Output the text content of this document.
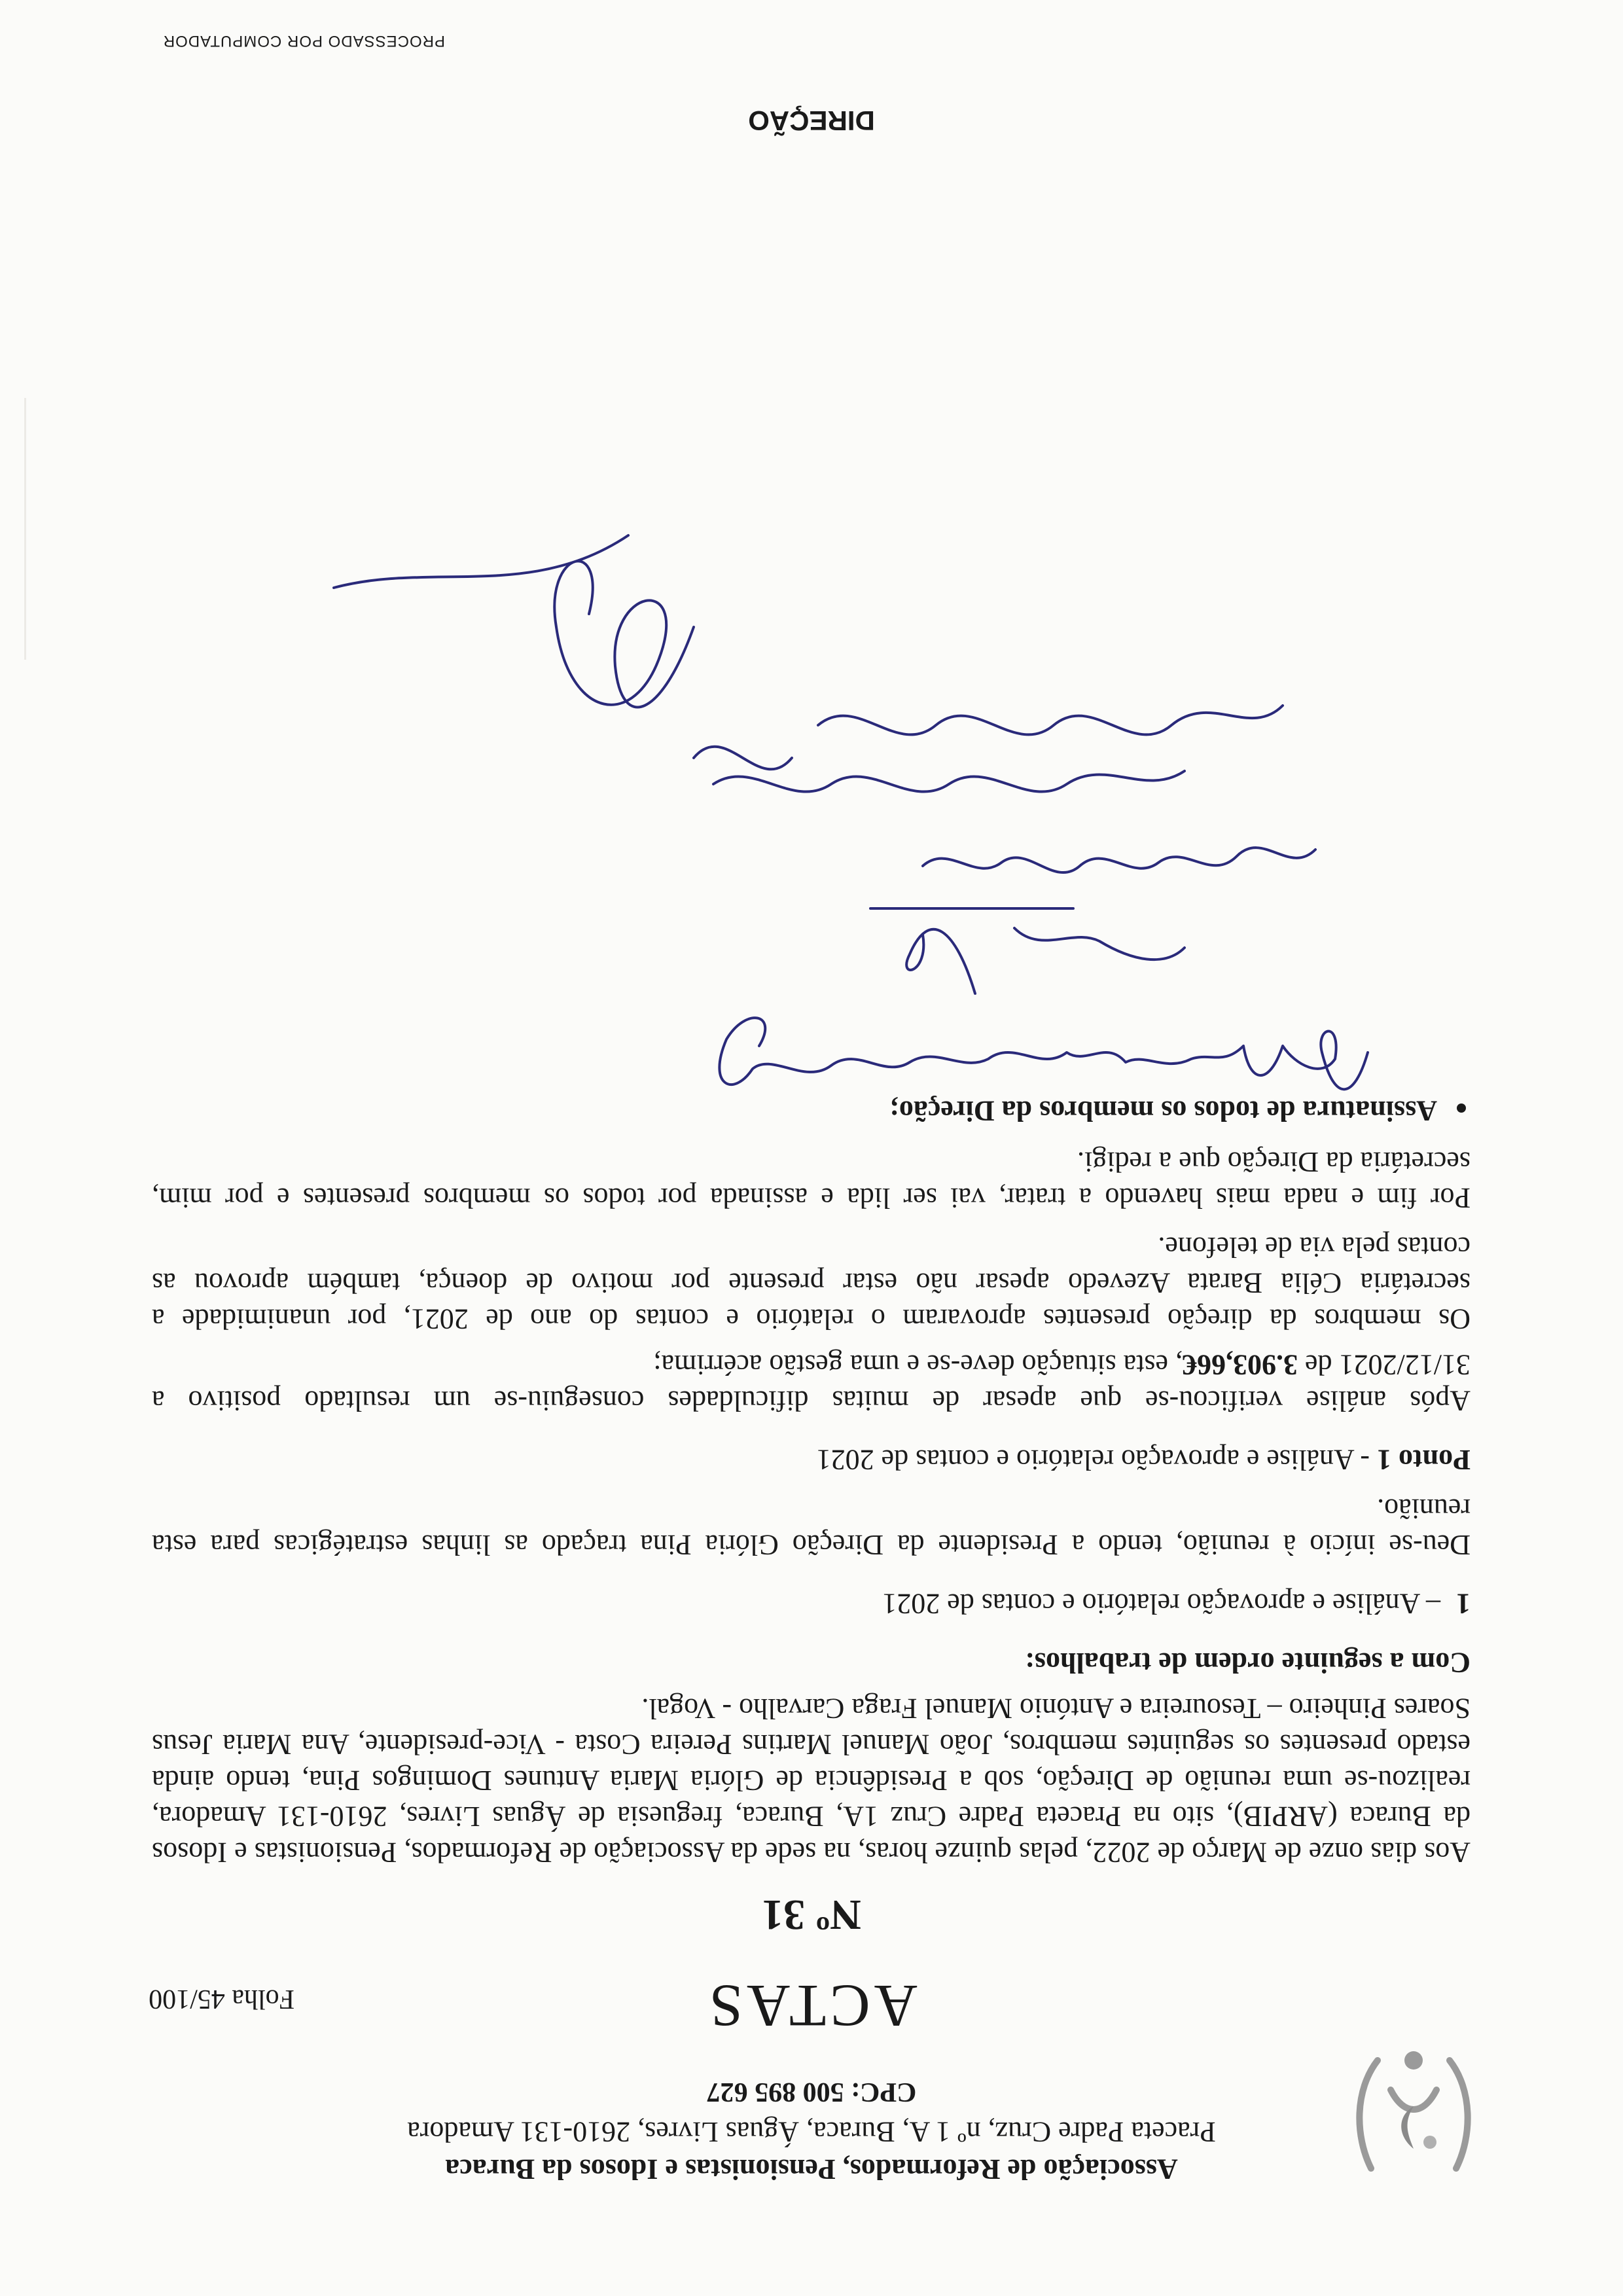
Associação de Reformados, Pensionistas e Idosos da Buraca
Praceta Padre Cruz, nº 1 A, Buraca, Águas Livres, 2610-131 Amadora
CPC: 500 895 627
ACTAS
Folha 45/100
Nº 31
Aos dias onze de Março de 2022, pelas quinze horas, na sede da Associação de Reformados, Pensionistas e Idosos
da Buraca (ARPIB), sito na Praceta Padre Cruz 1A, Buraca, freguesia de Águas Livres, 2610-131 Amadora,
realizou-se uma reunião de Direção, sob a Presidência de Glória Maria Antunes Domingos Pina, tendo ainda
estado presentes os seguintes membros, João Manuel Martins Pereira Costa - Vice-presidente, Ana Maria Jesus
Soares Pinheiro – Tesoureira e António Manuel Fraga Carvalho - Vogal.
Com a seguinte ordem de trabalhos:
1– Análise e aprovação relatório e contas de 2021
Deu-se início à reunião, tendo a Presidente da Direção Glória Pina traçado as linhas estratégicas para esta
reunião.
Ponto 1 - Análise e aprovação relatório e contas de 2021
Após análise verificou-se que apesar de muitas dificuldades conseguiu-se um resultado positivo a
31/12/2021 de 3.903,66€, esta situação deve-se e uma gestão acérrima;
Os membros da direção presentes aprovaram o relatório e contas do ano de 2021, por unanimidade a
secretária Célia Barata Azevedo apesar não estar presente por motivo de doença, também aprovou as
contas pela via de telefone.
Por fim e nada mais havendo a tratar, vai ser lida e assinada por todos os membros presentes e por mim,
secretária da Direção que a redigi.
Assinatura de todos os membros da Direção;
DIREÇÃO
PROCESSADO POR COMPUTADOR
